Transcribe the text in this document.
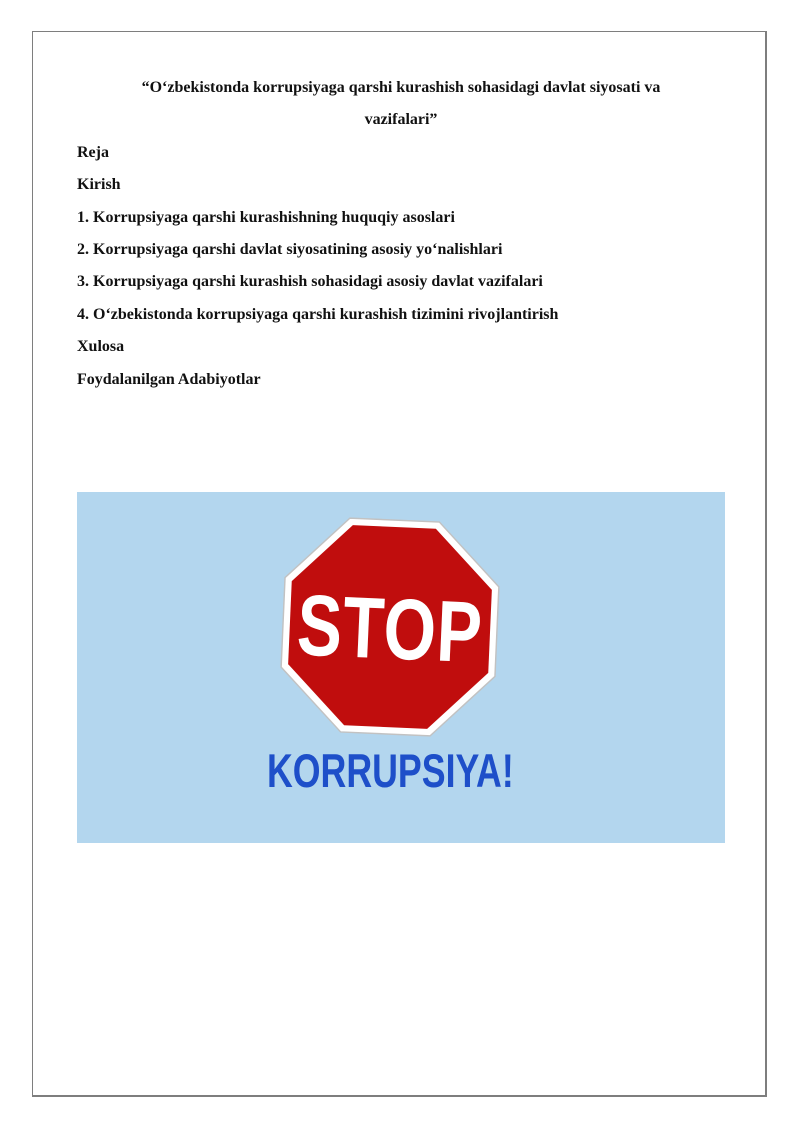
“O‘zbekistonda korrupsiyaga qarshi kurashish sohasidagi davlat siyosati va

vazifalari”

Reja

Kirish

1. Korrupsiyaga qarshi kurashishning huquqiy asoslari

2. Korrupsiyaga qarshi davlat siyosatining asosiy yo‘nalishlari

3. Korrupsiyaga qarshi kurashish sohasidagi asosiy davlat vazifalari

4. O‘zbekistonda korrupsiyaga qarshi kurashish tizimini rivojlantirish

Xulosa

Foydalanilgan Adabiyotlar

STOP
KORRUPSIYA!
